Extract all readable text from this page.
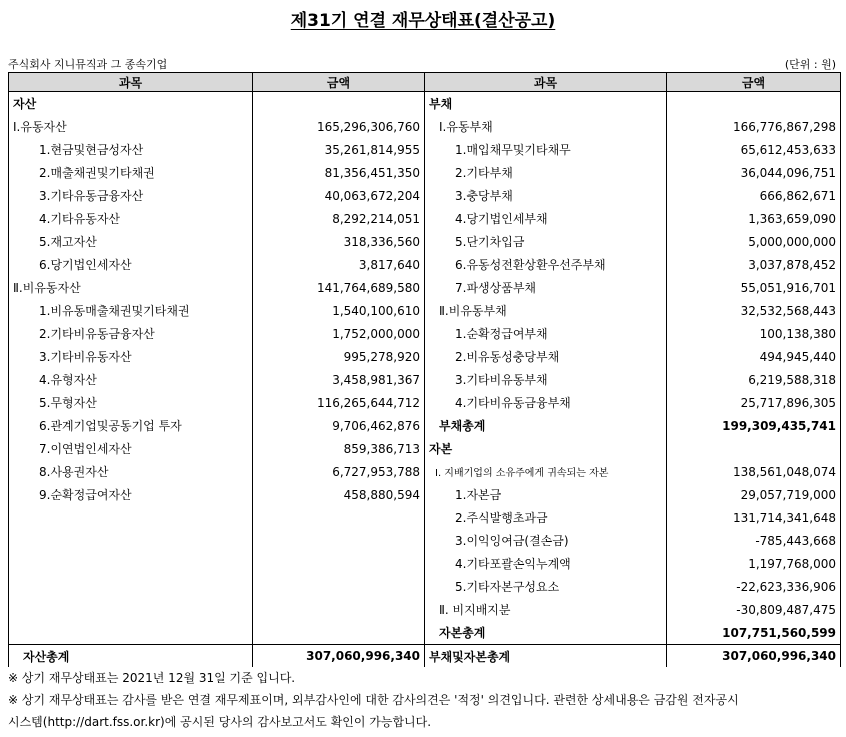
제31기 연결 재무상태표(결산공고)
주식회사 지니뮤직과 그 종속기업	(단위 : 원)
과목	금액	과목	금액
자산		부채	
Ⅰ.유동자산	165,296,306,760	Ⅰ.유동부채	166,776,867,298
1.현금및현금성자산	35,261,814,955	1.매입채무및기타채무	65,612,453,633
2.매출채권및기타채권	81,356,451,350	2.기타부채	36,044,096,751
3.기타유동금융자산	40,063,672,204	3.충당부채	666,862,671
4.기타유동자산	8,292,214,051	4.당기법인세부채	1,363,659,090
5.재고자산	318,336,560	5.단기차입금	5,000,000,000
6.당기법인세자산	3,817,640	6.유동성전환상환우선주부채	3,037,878,452
Ⅱ.비유동자산	141,764,689,580	7.파생상품부채	55,051,916,701
1.비유동매출채권및기타채권	1,540,100,610	Ⅱ.비유동부채	32,532,568,443
2.기타비유동금융자산	1,752,000,000	1.순확정급여부채	100,138,380
3.기타비유동자산	995,278,920	2.비유동성충당부채	494,945,440
4.유형자산	3,458,981,367	3.기타비유동부채	6,219,588,318
5.무형자산	116,265,644,712	4.기타비유동금융부채	25,717,896,305
6.관계기업및공동기업 투자	9,706,462,876	부채총계	199,309,435,741
7.이연법인세자산	859,386,713	자본	
8.사용권자산	6,727,953,788	I. 지배기업의 소유주에게 귀속되는 자본	138,561,048,074
9.순확정급여자산	458,880,594	1.자본금	29,057,719,000
		2.주식발행초과금	131,714,341,648
		3.이익잉여금(결손금)	-785,443,668
		4.기타포괄손익누계액	1,197,768,000
		5.기타자본구성요소	-22,623,336,906
		Ⅱ. 비지배지분	-30,809,487,475
		자본총계	107,751,560,599
자산총계	307,060,996,340	부채및자본총계	307,060,996,340
※ 상기 재무상태표는 2021년 12월 31일 기준 입니다.
※ 상기 재무상태표는 감사를 받은 연결 재무제표이며, 외부감사인에 대한 감사의견은 '적정' 의견입니다. 관련한 상세내용은 금감원 전자공시
시스템(http://dart.fss.or.kr)에 공시된 당사의 감사보고서도 확인이 가능합니다.
